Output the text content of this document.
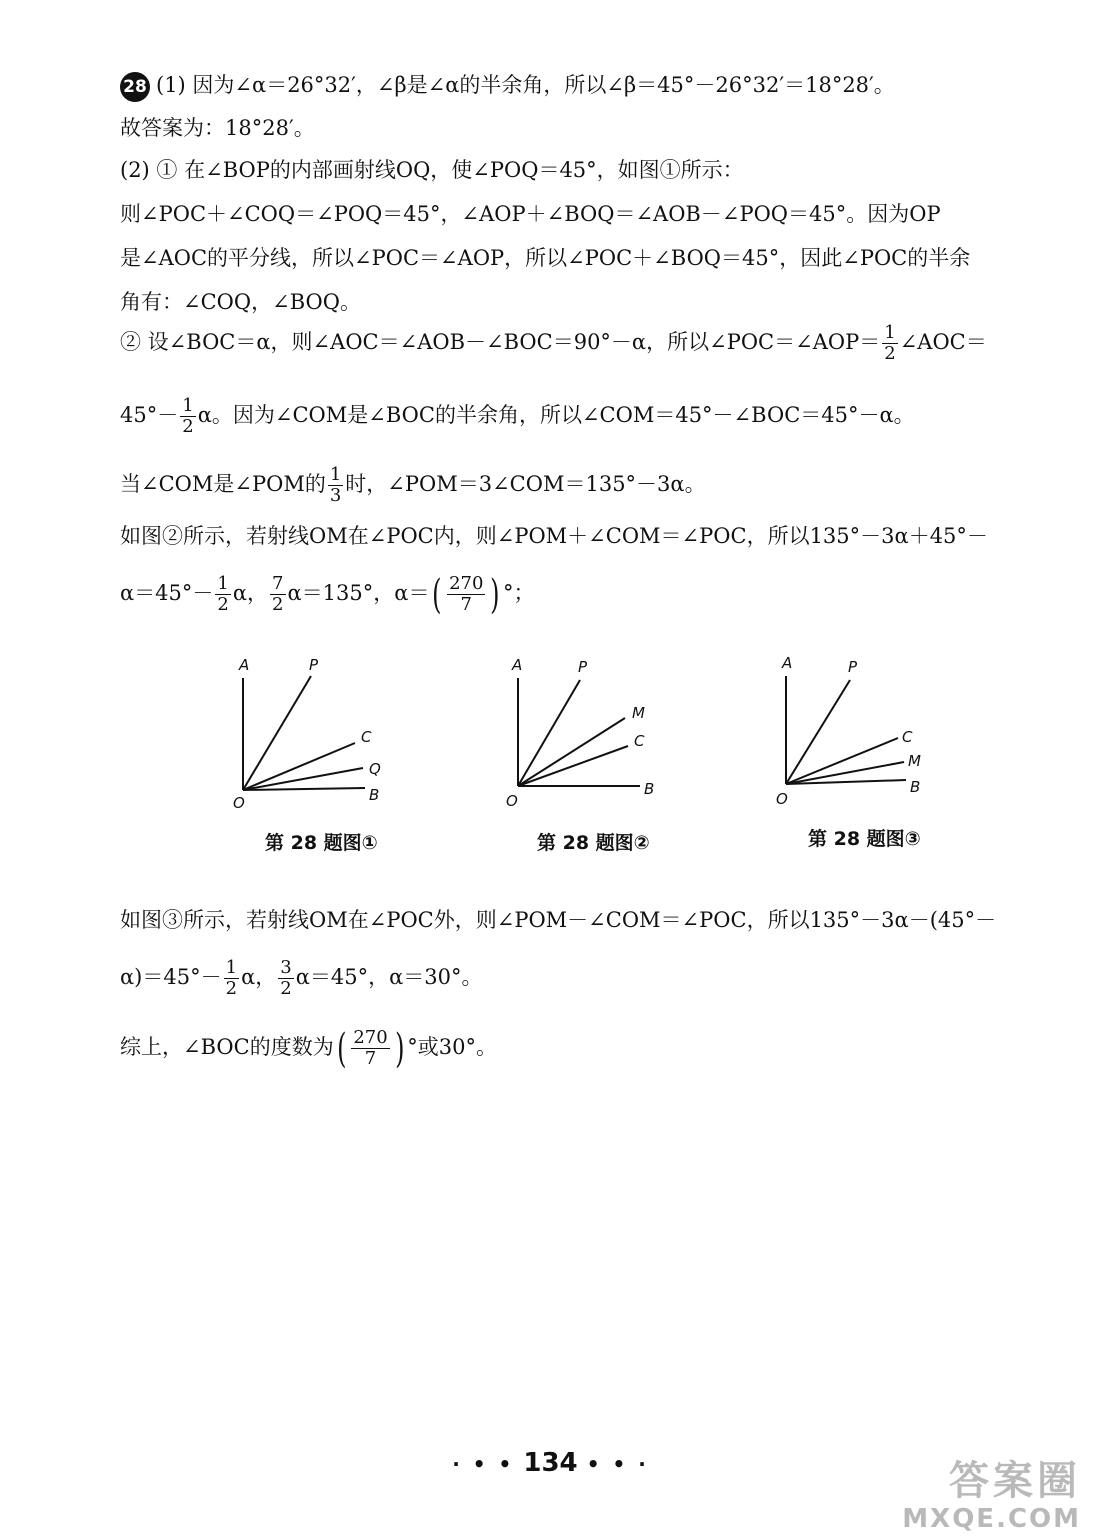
28 (1) 因为∠α＝26°32′，∠β是∠α的半余角，所以∠β＝45°－26°32′＝18°28′。
故答案为：18°28′。
(2) ① 在∠BOP的内部画射线OQ，使∠POQ＝45°，如图①所示：
则∠POC＋∠COQ＝∠POQ＝45°，∠AOP＋∠BOQ＝∠AOB－∠POQ＝45°。因为OP
是∠AOC的平分线，所以∠POC＝∠AOP，所以∠POC＋∠BOQ＝45°，因此∠POC的半余
角有：∠COQ，∠BOQ。
② 设∠BOC＝α，则∠AOC＝∠AOB－∠BOC＝90°－α，所以∠POC＝∠AOP＝ $\frac{1}{2}$ ∠AOC＝
$45^\circ- \frac{1}{2}$ α。因为∠COM是∠BOC的半余角，所以∠COM＝45°－∠BOC＝45°－α。
当∠COM是∠POM的 $\frac{1}{3}$ 时，∠POM＝3∠COM＝135°－3α。
如图②所示，若射线OM在∠POC内，则∠POM＋∠COM＝∠POC，所以135°－3α＋45°－
$\alpha=45^\circ- \frac{1}{2}$ α， $\frac{7}{2} \alpha=135^\circ$，$\alpha=( \frac{270}{7}$ ) °；
A	P
C
Q
B
O
第 28 题图①
A	P
M
C
B
O
第 28 题图②
A	P
C
M
B
O
第 28 题图③
如图③所示，若射线OM在∠POC外，则∠POM－∠COM＝∠POC，所以135°－3α－(45°－
$\alpha)=45^\circ- \frac{1}{2}$ α， $\frac{3}{2} \alpha=45^\circ$，α＝30°。
综上，∠BOC的度数为( $\frac{270}{7}$ ) °或30°。
· • • 134 • • ·	答案圈
MXQE.COM
